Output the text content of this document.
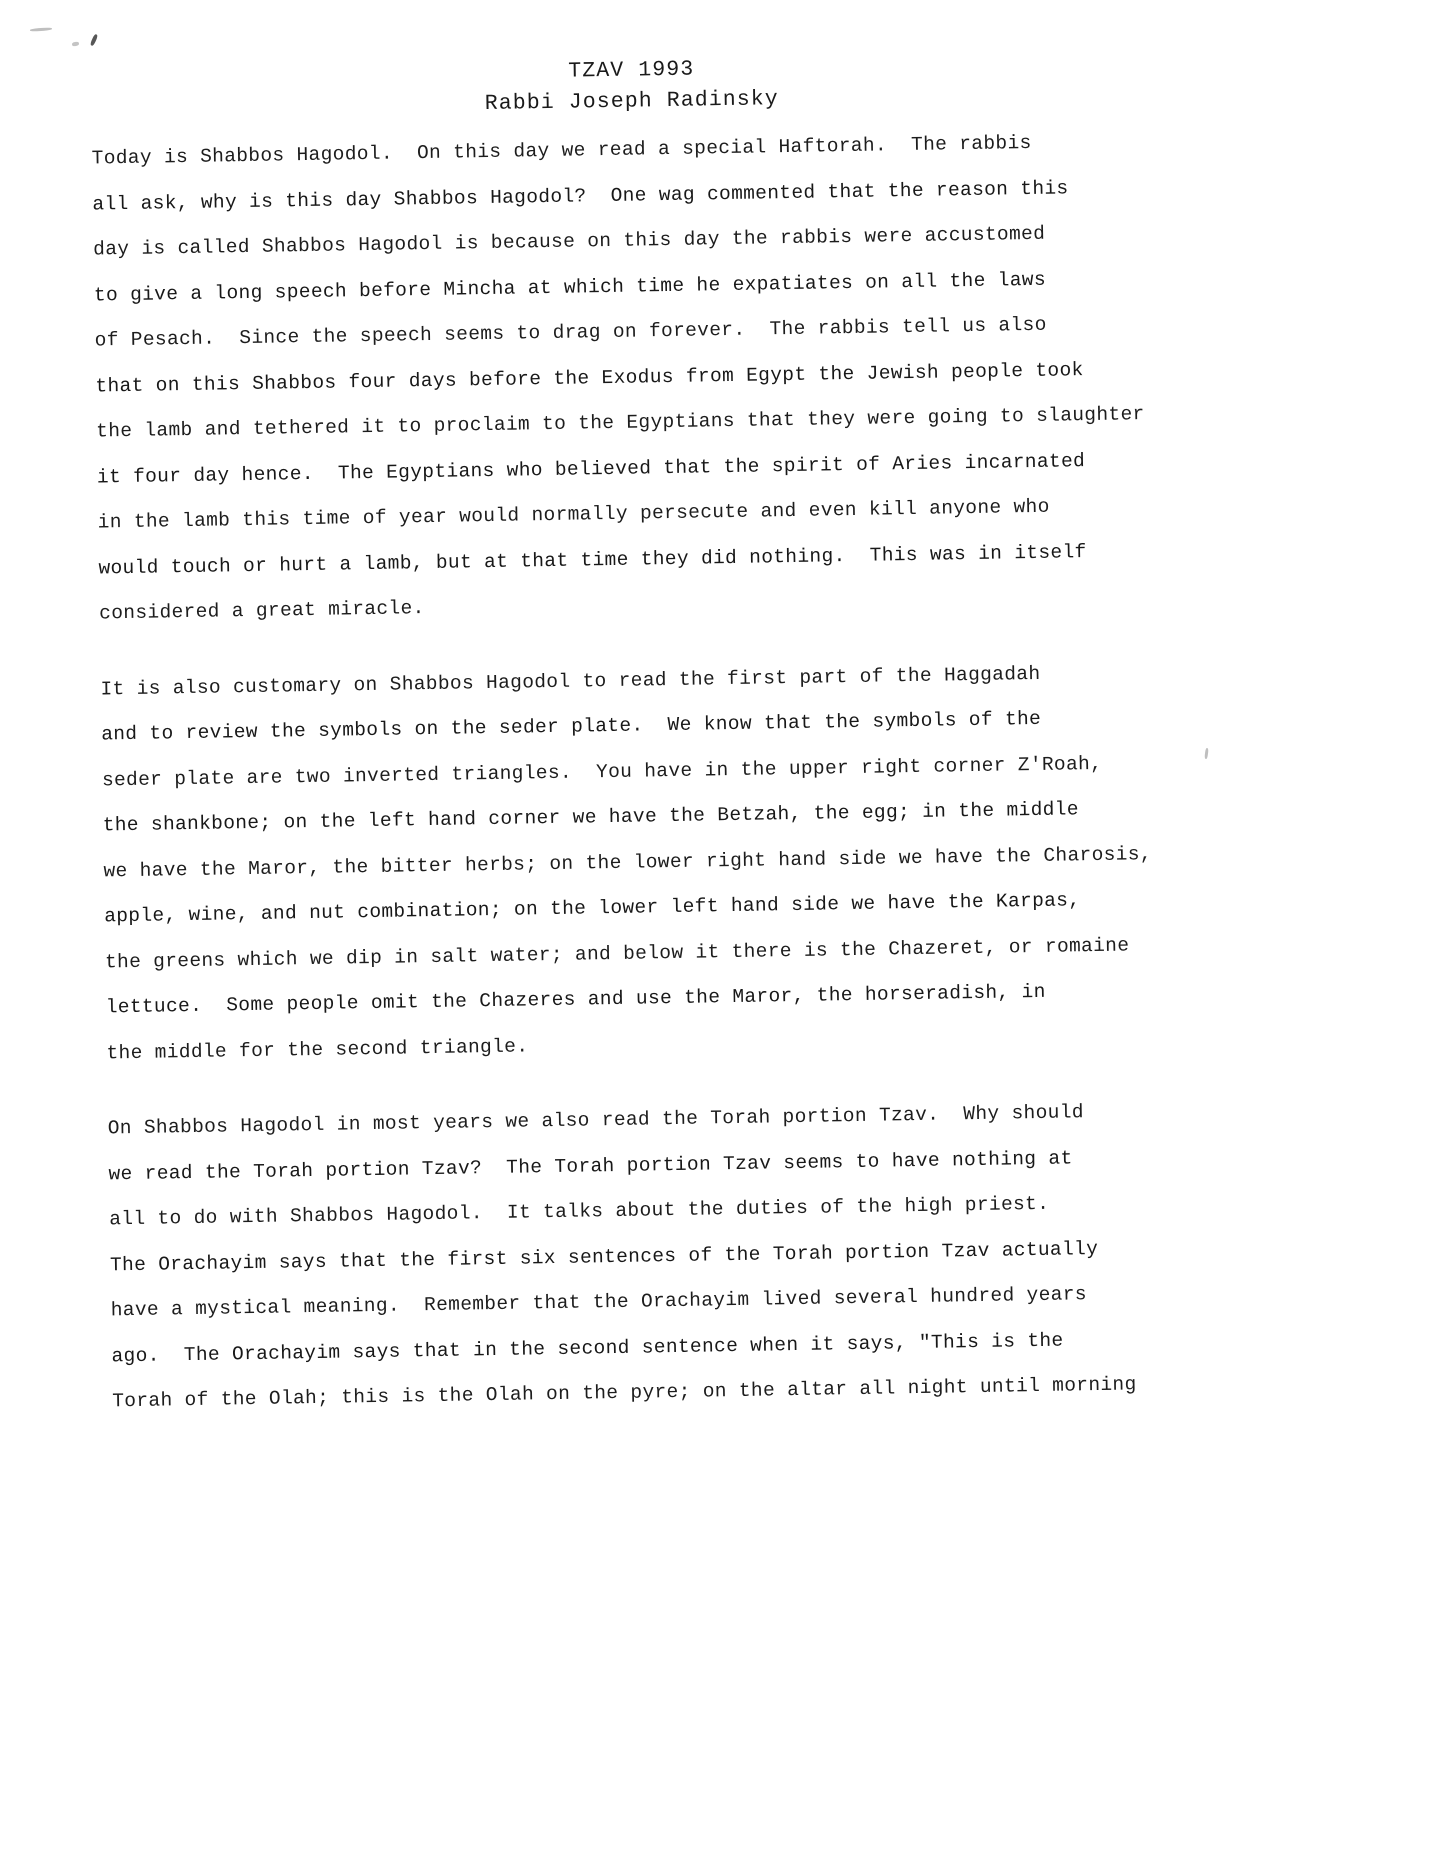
TZAV 1993
Rabbi Joseph Radinsky

Today is Shabbos Hagodol.  On this day we read a special Haftorah.  The rabbis
all ask, why is this day Shabbos Hagodol?  One wag commented that the reason this
day is called Shabbos Hagodol is because on this day the rabbis were accustomed
to give a long speech before Mincha at which time he expatiates on all the laws
of Pesach.  Since the speech seems to drag on forever.  The rabbis tell us also
that on this Shabbos four days before the Exodus from Egypt the Jewish people took
the lamb and tethered it to proclaim to the Egyptians that they were going to slaughter
it four day hence.  The Egyptians who believed that the spirit of Aries incarnated
in the lamb this time of year would normally persecute and even kill anyone who
would touch or hurt a lamb, but at that time they did nothing.  This was in itself
considered a great miracle.

It is also customary on Shabbos Hagodol to read the first part of the Haggadah
and to review the symbols on the seder plate.  We know that the symbols of the
seder plate are two inverted triangles.  You have in the upper right corner Z'Roah,
the shankbone; on the left hand corner we have the Betzah, the egg; in the middle
we have the Maror, the bitter herbs; on the lower right hand side we have the Charosis,
apple, wine, and nut combination; on the lower left hand side we have the Karpas,
the greens which we dip in salt water; and below it there is the Chazeret, or romaine
lettuce.  Some people omit the Chazeres and use the Maror, the horseradish, in
the middle for the second triangle.

On Shabbos Hagodol in most years we also read the Torah portion Tzav.  Why should
we read the Torah portion Tzav?  The Torah portion Tzav seems to have nothing at
all to do with Shabbos Hagodol.  It talks about the duties of the high priest.
The Orachayim says that the first six sentences of the Torah portion Tzav actually
have a mystical meaning.  Remember that the Orachayim lived several hundred years
ago.  The Orachayim says that in the second sentence when it says, "This is the
Torah of the Olah; this is the Olah on the pyre; on the altar all night until morning
